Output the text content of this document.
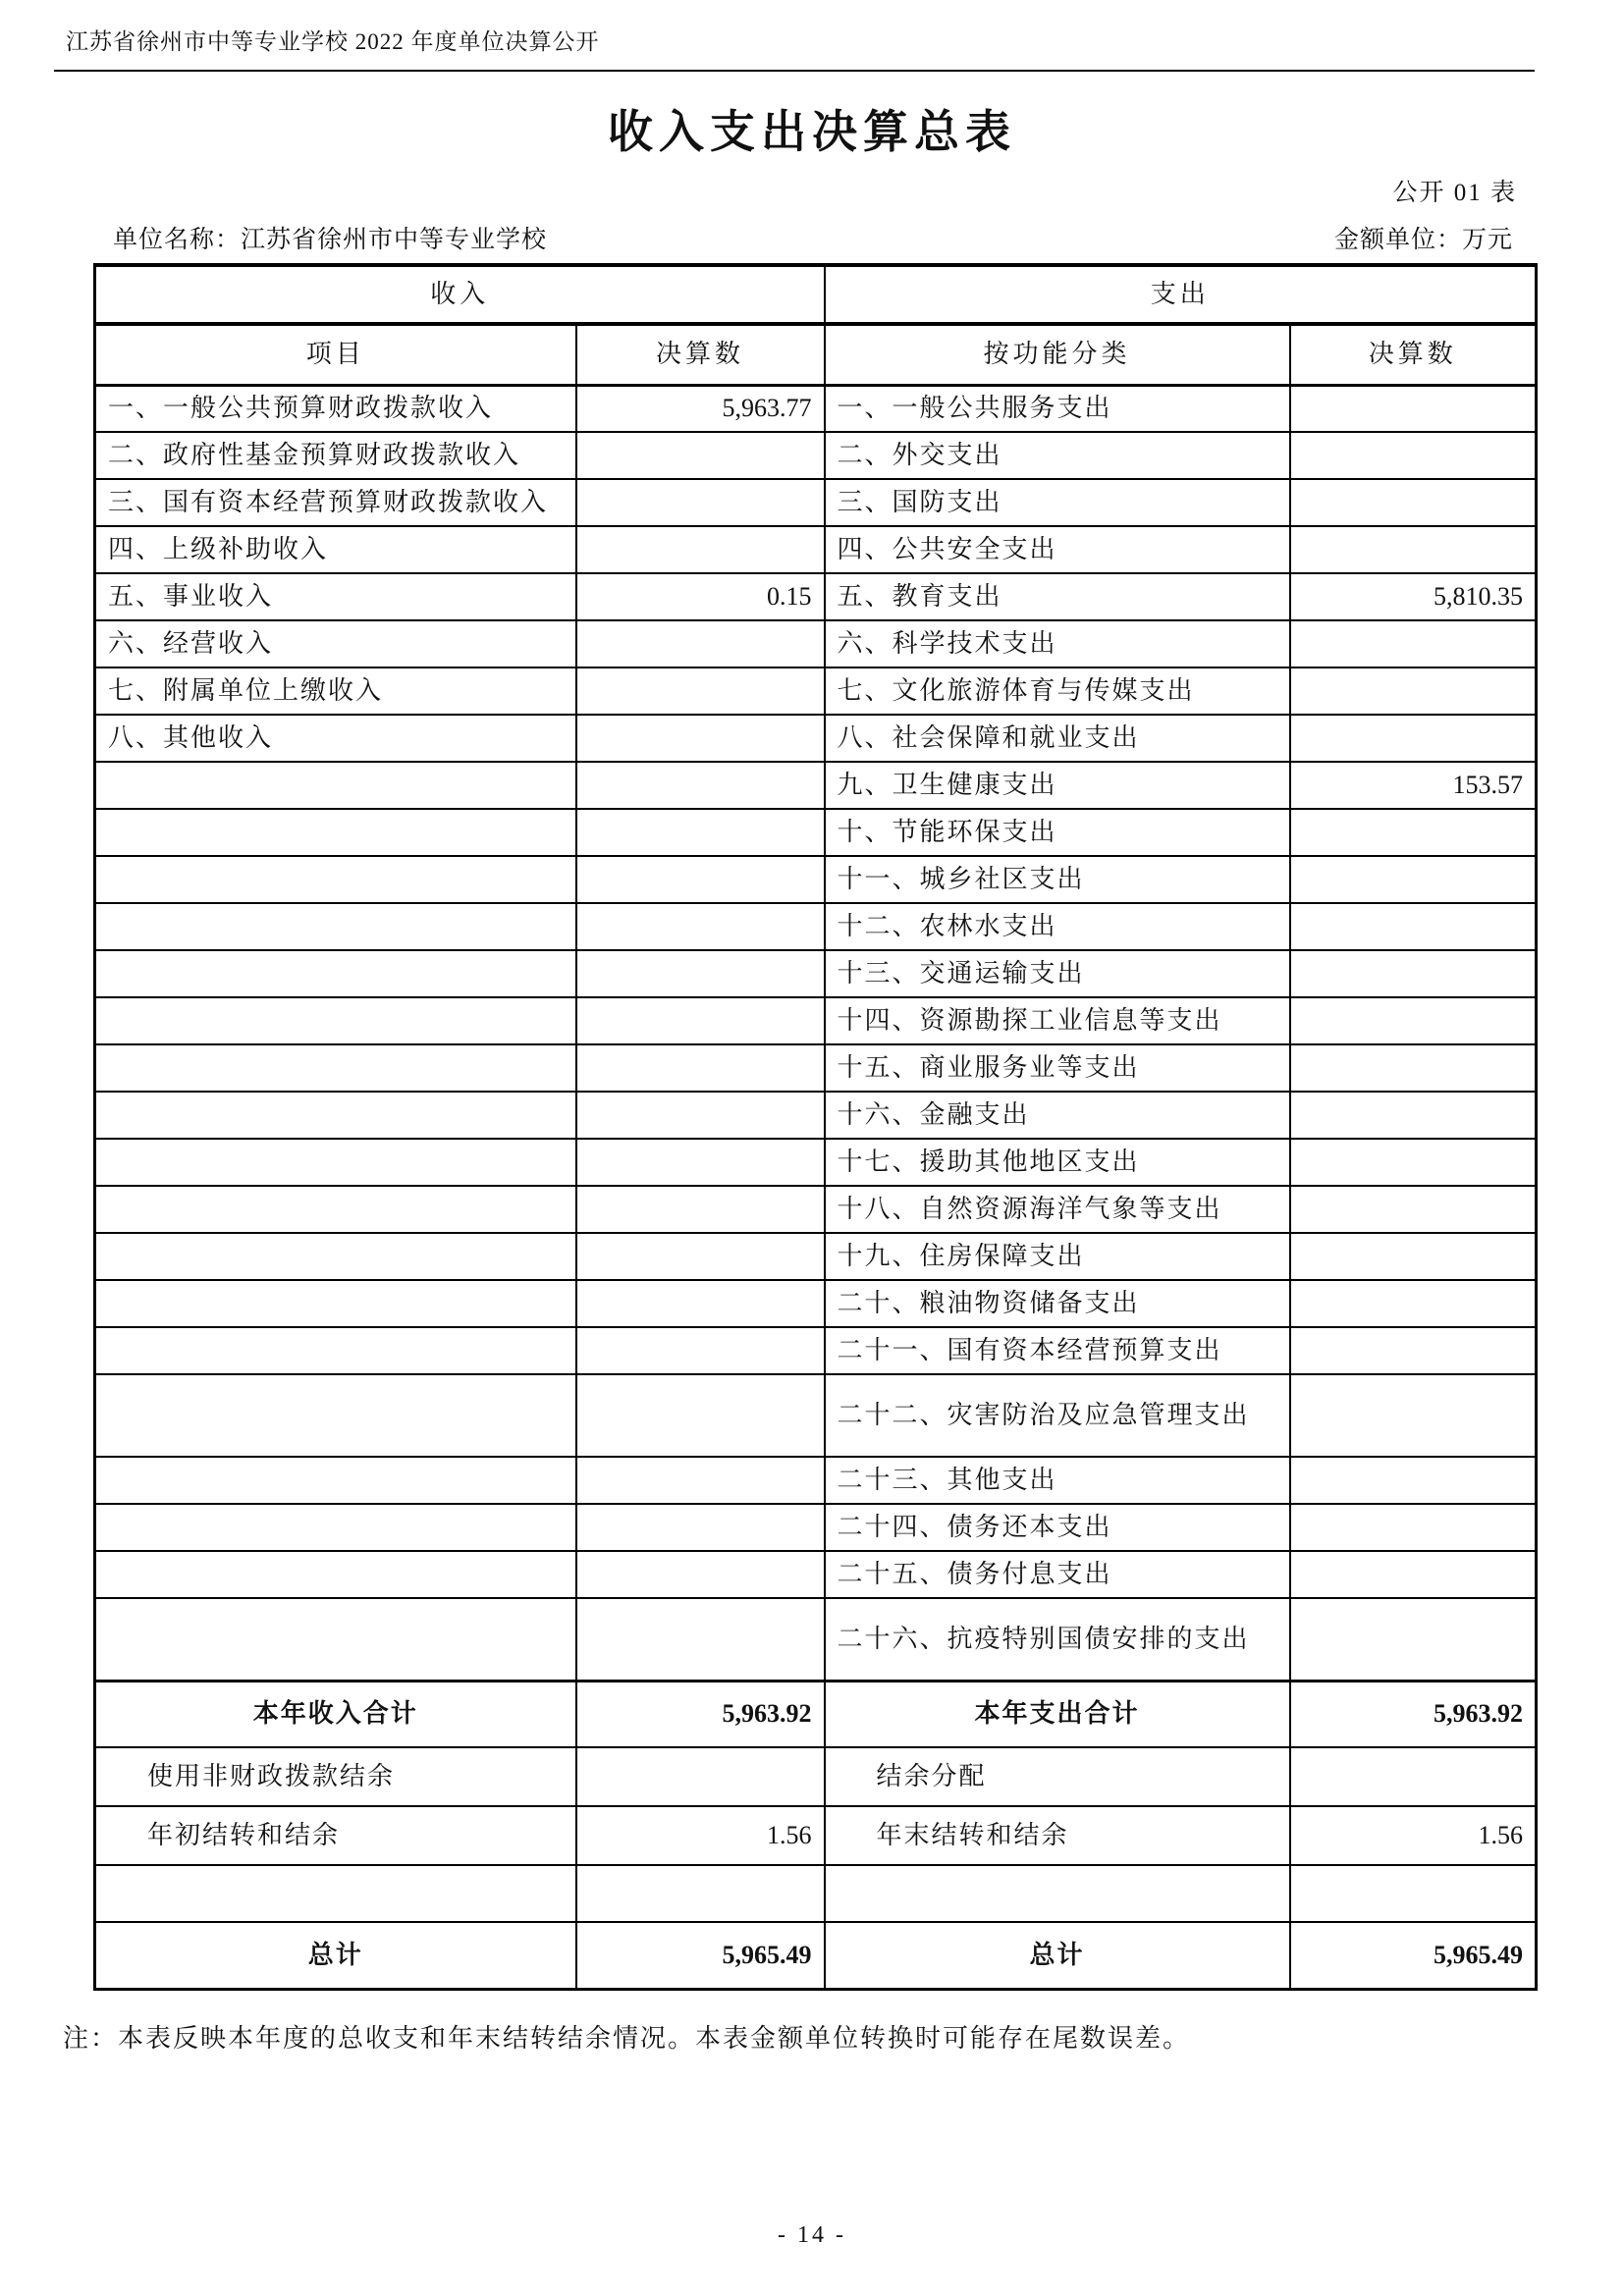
江苏省徐州市中等专业学校 2022 年度单位决算公开
收入支出决算总表
公开 01 表
单位名称：江苏省徐州市中等专业学校	金额单位：万元
收入		支出	
项目	决算数	按功能分类	决算数
一、一般公共预算财政拨款收入	5,963.77	一、一般公共服务支出	
二、政府性基金预算财政拨款收入		二、外交支出	
三、国有资本经营预算财政拨款收入		三、国防支出	
四、上级补助收入		四、公共安全支出	
五、事业收入	0.15	五、教育支出	5,810.35
六、经营收入		六、科学技术支出	
七、附属单位上缴收入		七、文化旅游体育与传媒支出	
八、其他收入		八、社会保障和就业支出	
		九、卫生健康支出	153.57
		十、节能环保支出	
		十一、城乡社区支出	
		十二、农林水支出	
		十三、交通运输支出	
		十四、资源勘探工业信息等支出	
		十五、商业服务业等支出	
		十六、金融支出	
		十七、援助其他地区支出	
		十八、自然资源海洋气象等支出	
		十九、住房保障支出	
		二十、粮油物资储备支出	
		二十一、国有资本经营预算支出	
		二十二、灾害防治及应急管理支出	
		二十三、其他支出	
		二十四、债务还本支出	
		二十五、债务付息支出	
		二十六、抗疫特别国债安排的支出	
本年收入合计	5,963.92	本年支出合计	5,963.92
使用非财政拨款结余		结余分配	
年初结转和结余	1.56	年末结转和结余	1.56

总计	5,965.49	总计	5,965.49
注：本表反映本年度的总收支和年末结转结余情况。本表金额单位转换时可能存在尾数误差。
- 14 -
